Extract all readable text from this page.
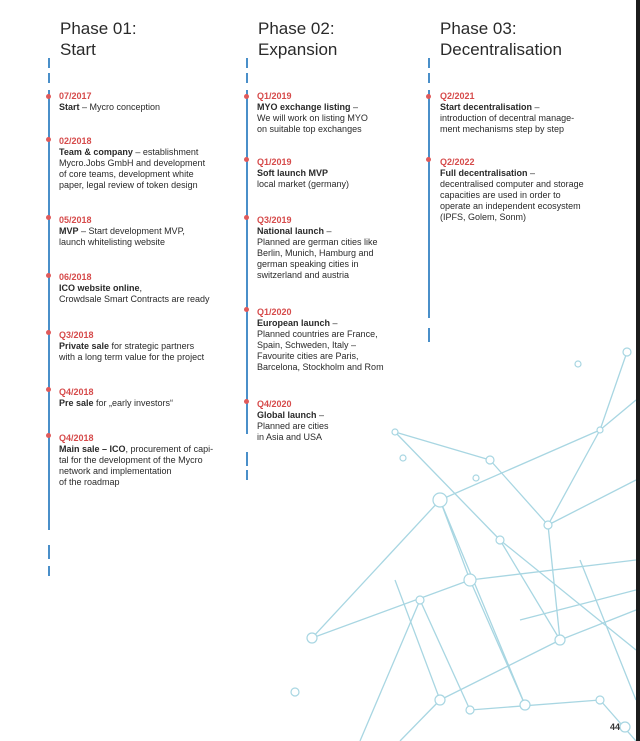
Phase 01:
Start
Phase 02:
Expansion
Phase 03:
Decentralisation
07/2017
Start – Mycro conception
02/2018
Team & company – establishment
Mycro.Jobs GmbH and development
of core teams, development white
paper, legal review of token design
05/2018
MVP – Start development MVP,
launch whitelisting website
06/2018
ICO website online,
Crowdsale Smart Contracts are ready
Q3/2018
Private sale for strategic partners
with a long term value for the project
Q4/2018
Pre sale for „early investors“
Q4/2018
Main sale – ICO, procurement of capi-
tal for the development of the Mycro
network and implementation
of the roadmap
Q1/2019
MYO exchange listing –
We will work on listing MYO
on suitable top exchanges
Q1/2019
Soft launch MVP
local market (germany)
Q3/2019
National launch –
Planned are german cities like
Berlin, Munich, Hamburg and
german speaking cities in
switzerland and austria
Q1/2020
European launch –
Planned countries are France,
Spain, Schweden, Italy –
Favourite cities are Paris,
Barcelona, Stockholm and Rom
Q4/2020
Global launch –
Planned are cities
in Asia and USA
Q2/2021
Start decentralisation –
introduction of decentral manage-
ment mechanisms step by step
Q2/2022
Full decentralisation –
decentralised computer and storage
capacities are used in order to
operate an independent ecosystem
(IPFS, Golem, Sonm)
44
